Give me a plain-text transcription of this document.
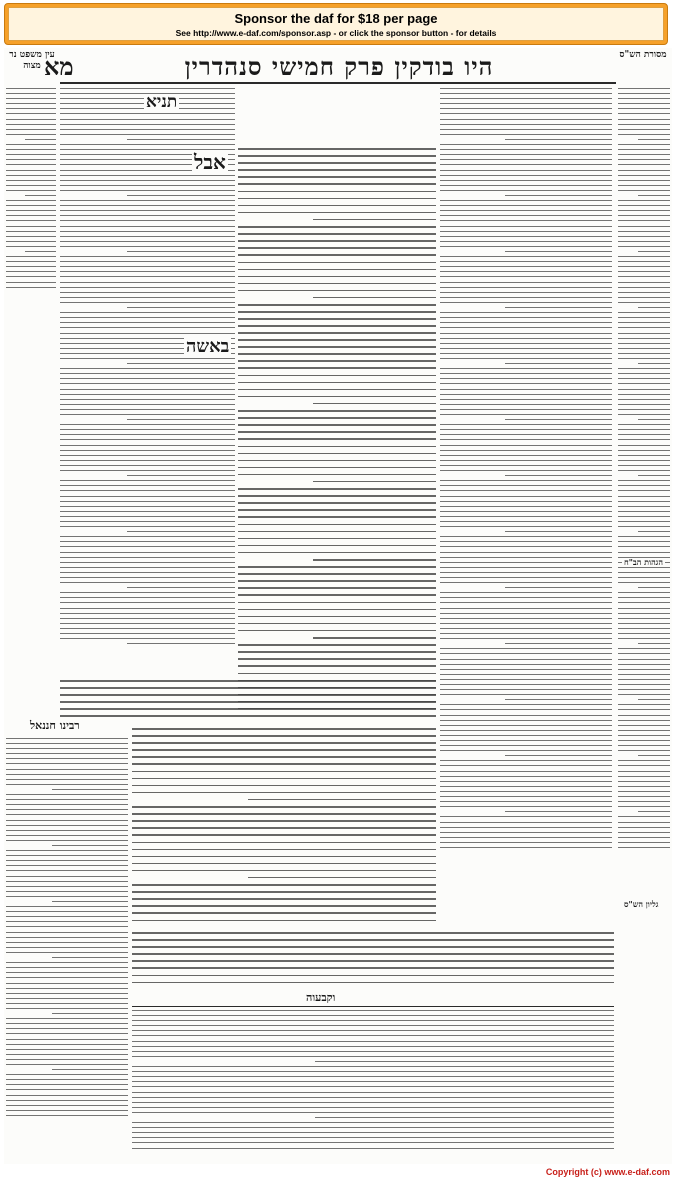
Sponsor the daf for $18 per page
See http://www.e-daf.com/sponsor.asp - or click the sponsor button - for details
מסורת הש"ס
היו בודקין פרק חמישי סנהדרין
מא
עין משפט נר מצוה
הגהות הב"ח
גליון הש"ס
תניא
אבל
באשה
רבינו חננאל
וקבעוה
Copyright (c) www.e-daf.com
